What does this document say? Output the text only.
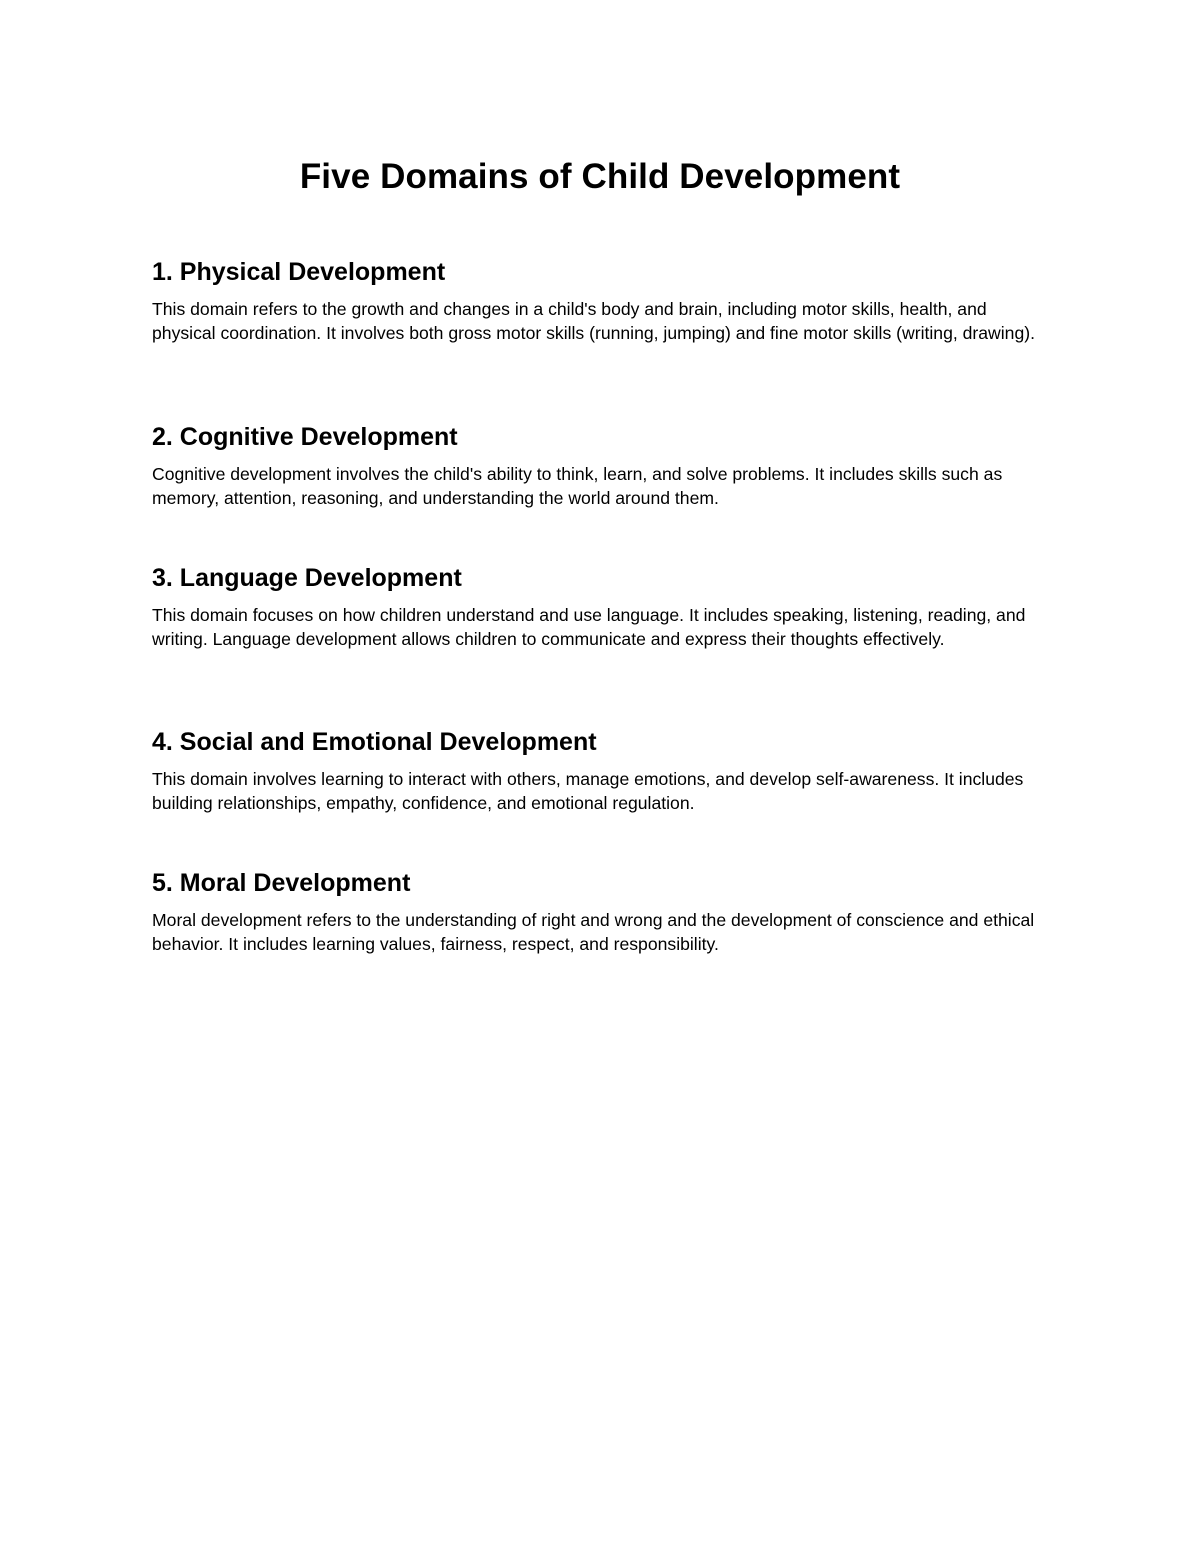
Five Domains of Child Development
1. Physical Development

This domain refers to the growth and changes in a child's body and brain, including motor skills, health, and physical coordination. It involves both gross motor skills (running, jumping) and fine motor skills (writing, drawing).

2. Cognitive Development

Cognitive development involves the child's ability to think, learn, and solve problems. It includes skills such as memory, attention, reasoning, and understanding the world around them.

3. Language Development

This domain focuses on how children understand and use language. It includes speaking, listening, reading, and writing. Language development allows children to communicate and express their thoughts effectively.

4. Social and Emotional Development

This domain involves learning to interact with others, manage emotions, and develop self-awareness. It includes building relationships, empathy, confidence, and emotional regulation.

5. Moral Development

Moral development refers to the understanding of right and wrong and the development of conscience and ethical behavior. It includes learning values, fairness, respect, and responsibility.
